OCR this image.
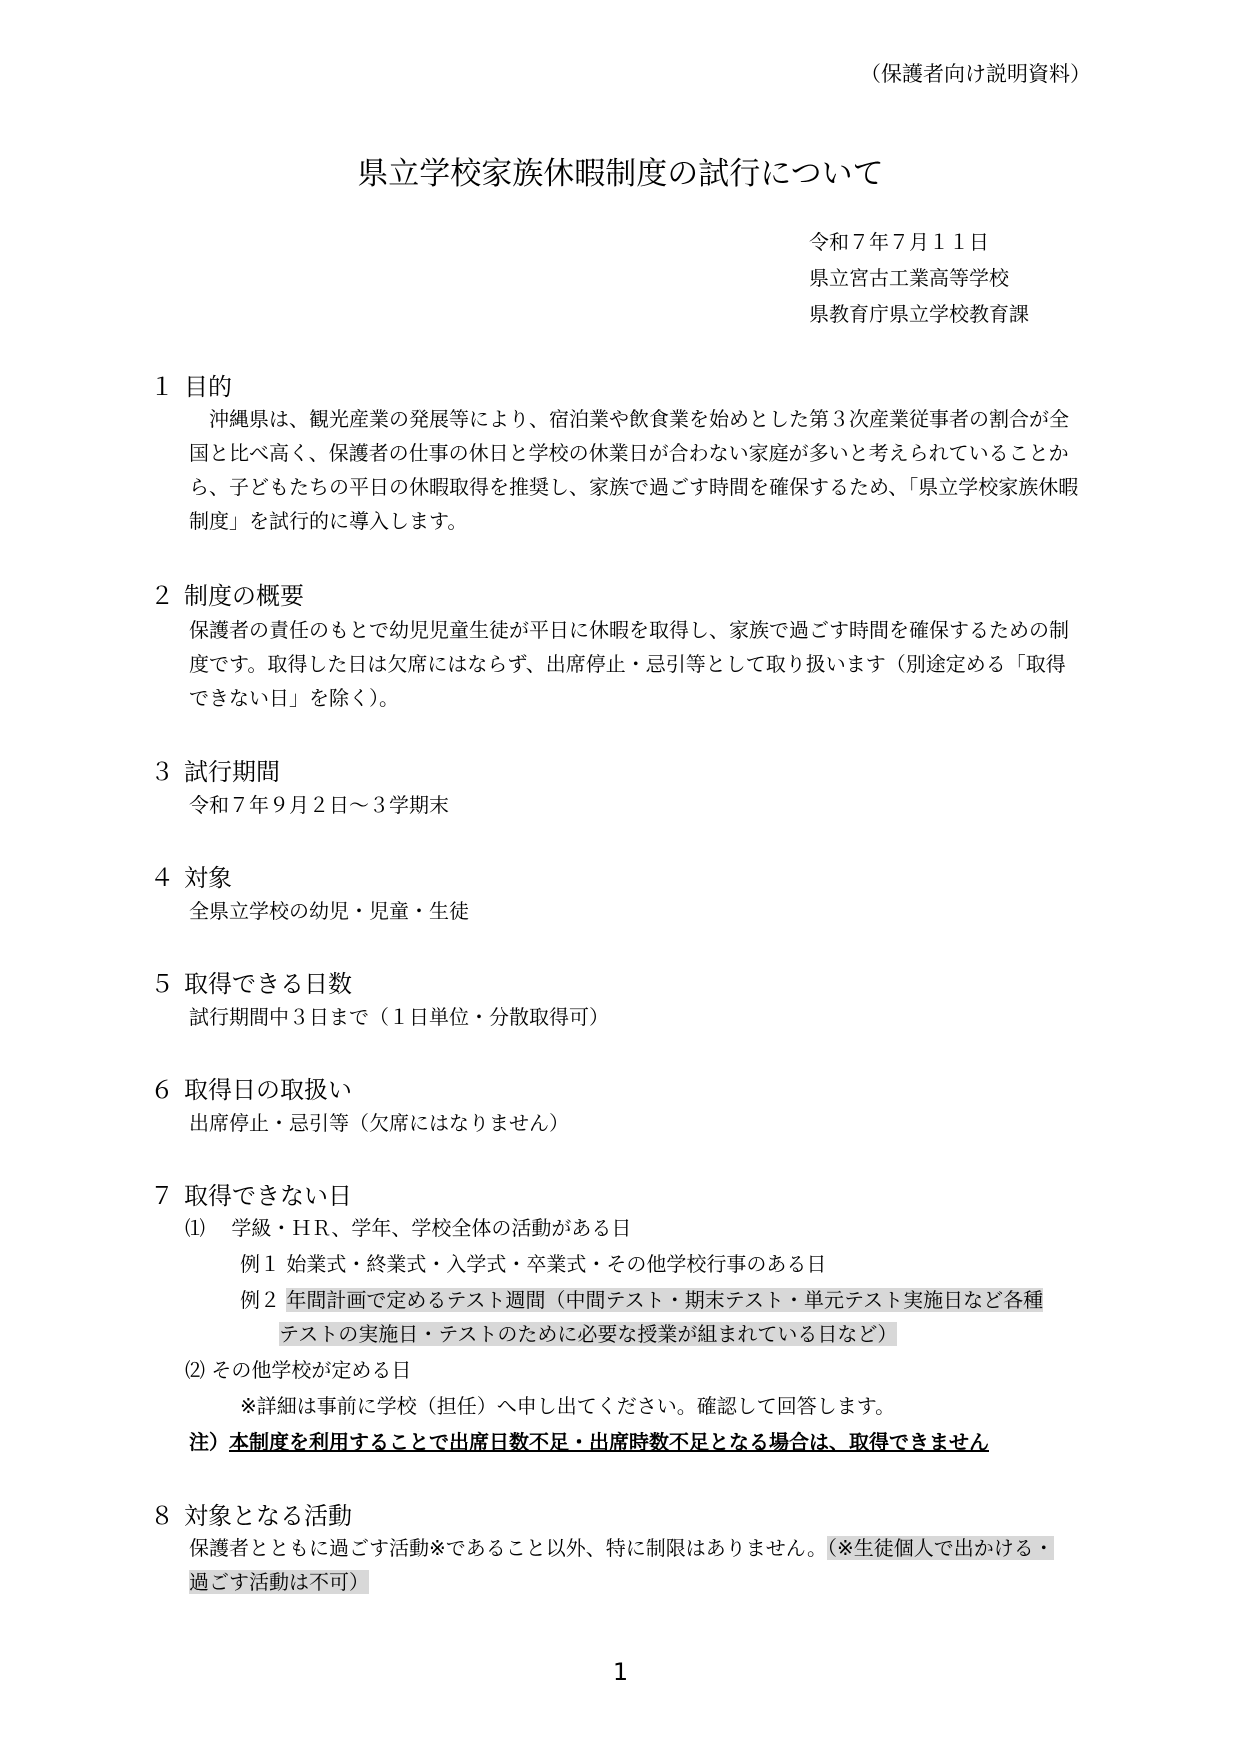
（保護者向け説明資料）
県立学校家族休暇制度の試行について
令和７年７月１１日
県立宮古工業高等学校
県教育庁県立学校教育課
１ 目的
　沖縄県は、観光産業の発展等により、宿泊業や飲食業を始めとした第３次産業従事者の割合が全
国と比べ高く、保護者の仕事の休日と学校の休業日が合わない家庭が多いと考えられていることか
ら、子どもたちの平日の休暇取得を推奨し、家族で過ごす時間を確保するため、「県立学校家族休暇
制度」を試行的に導入します。
２ 制度の概要
保護者の責任のもとで幼児児童生徒が平日に休暇を取得し、家族で過ごす時間を確保するための制
度です。取得した日は欠席にはならず、出席停止・忌引等として取り扱います（別途定める「取得
できない日」を除く）。
３ 試行期間
令和７年９月２日～３学期末
４ 対象
全県立学校の幼児・児童・生徒
５ 取得できる日数
試行期間中３日まで（１日単位・分散取得可）
６ 取得日の取扱い
出席停止・忌引等（欠席にはなりません）
７ 取得できない日
⑴　 学級・ＨＲ、学年、学校全体の活動がある日
例１ 始業式・終業式・入学式・卒業式・その他学校行事のある日
例２ 年間計画で定めるテスト週間（中間テスト・期末テスト・単元テスト実施日など各種
テストの実施日・テストのために必要な授業が組まれている日など）
⑵ その他学校が定める日
※詳細は事前に学校（担任）へ申し出てください。確認して回答します。
注）本制度を利用することで出席日数不足・出席時数不足となる場合は、取得できません
８ 対象となる活動
保護者とともに過ごす活動※であること以外、特に制限はありません。（※生徒個人で出かける・
過ごす活動は不可）
1
